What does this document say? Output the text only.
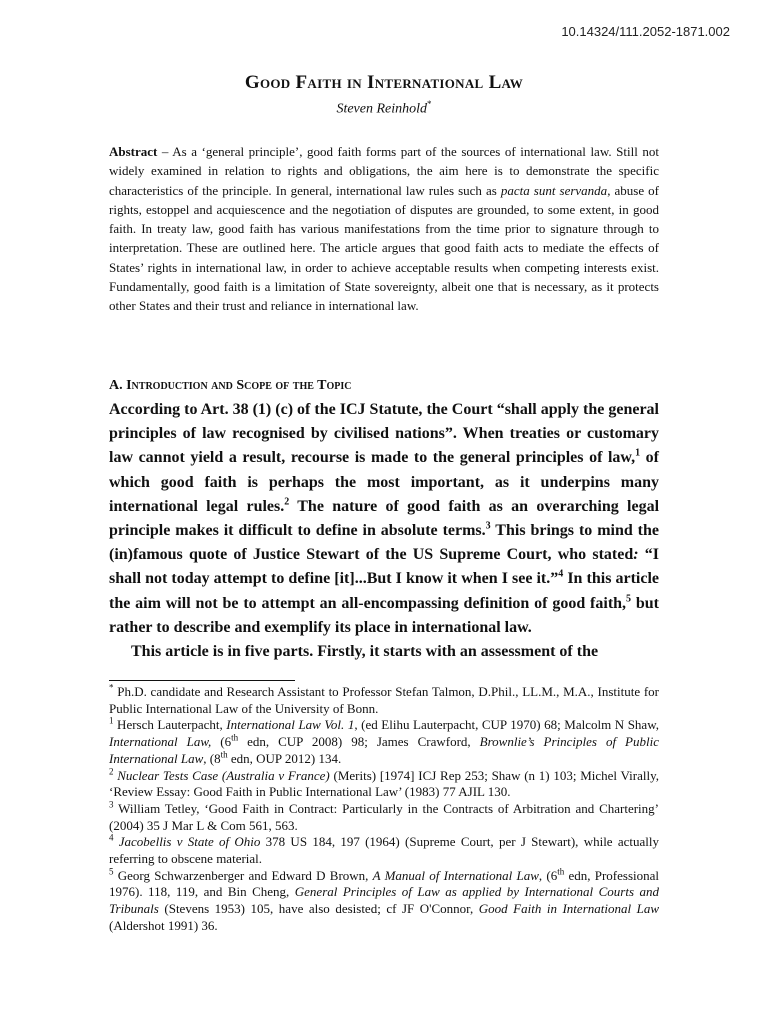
10.14324/111.2052-1871.002
Good Faith in International Law
Steven Reinhold*
Abstract – As a ‘general principle’, good faith forms part of the sources of international law. Still not widely examined in relation to rights and obligations, the aim here is to demonstrate the specific characteristics of the principle. In general, international law rules such as pacta sunt servanda, abuse of rights, estoppel and acquiescence and the negotiation of disputes are grounded, to some extent, in good faith. In treaty law, good faith has various manifestations from the time prior to signature through to interpretation. These are outlined here. The article argues that good faith acts to mediate the effects of States’ rights in international law, in order to achieve acceptable results when competing interests exist. Fundamentally, good faith is a limitation of State sovereignty, albeit one that is necessary, as it protects other States and their trust and reliance in international law.
A. Introduction and Scope of the Topic

According to Art. 38 (1) (c) of the ICJ Statute, the Court “shall apply the general principles of law recognised by civilised nations”. When treaties or customary law cannot yield a result, recourse is made to the general principles of law,$^1$ of which good faith is perhaps the most important, as it underpins many international legal rules.$^2$ The nature of good faith as an overarching legal principle makes it difficult to define in absolute terms.$^3$ This brings to mind the (in)famous quote of Justice Stewart of the US Supreme Court, who stated: “I shall not today attempt to define [it]...But I know it when I see it.”$^4$ In this article the aim will not be to attempt an all-encompassing definition of good faith,$^5$ but rather to describe and exemplify its place in international law.

This article is in five parts. Firstly, it starts with an assessment of the

* Ph.D. candidate and Research Assistant to Professor Stefan Talmon, D.Phil., LL.M., M.A., Institute for Public International Law of the University of Bonn.

$^1$ Hersch Lauterpacht, International Law Vol. 1, (ed Elihu Lauterpacht, CUP 1970) 68; Malcolm N Shaw, International Law, (6th edn, CUP 2008) 98; James Crawford, Brownlie’s Principles of Public International Law, (8th edn, OUP 2012) 134.

$^2$ Nuclear Tests Case (Australia v France) (Merits) [1974] ICJ Rep 253; Shaw (n 1) 103; Michel Virally, ‘Review Essay: Good Faith in Public International Law’ (1983) 77 AJIL 130.

$^3$ William Tetley, ‘Good Faith in Contract: Particularly in the Contracts of Arbitration and Chartering’ (2004) 35 J Mar L & Com 561, 563.

$^4$ Jacobellis v State of Ohio 378 US 184, 197 (1964) (Supreme Court, per J Stewart), while actually referring to obscene material.

$^5$ Georg Schwarzenberger and Edward D Brown, A Manual of International Law, (6th edn, Professional 1976). 118, 119, and Bin Cheng, General Principles of Law as applied by International Courts and Tribunals (Stevens 1953) 105, have also desisted; cf JF O'Connor, Good Faith in International Law (Aldershot 1991) 36.
